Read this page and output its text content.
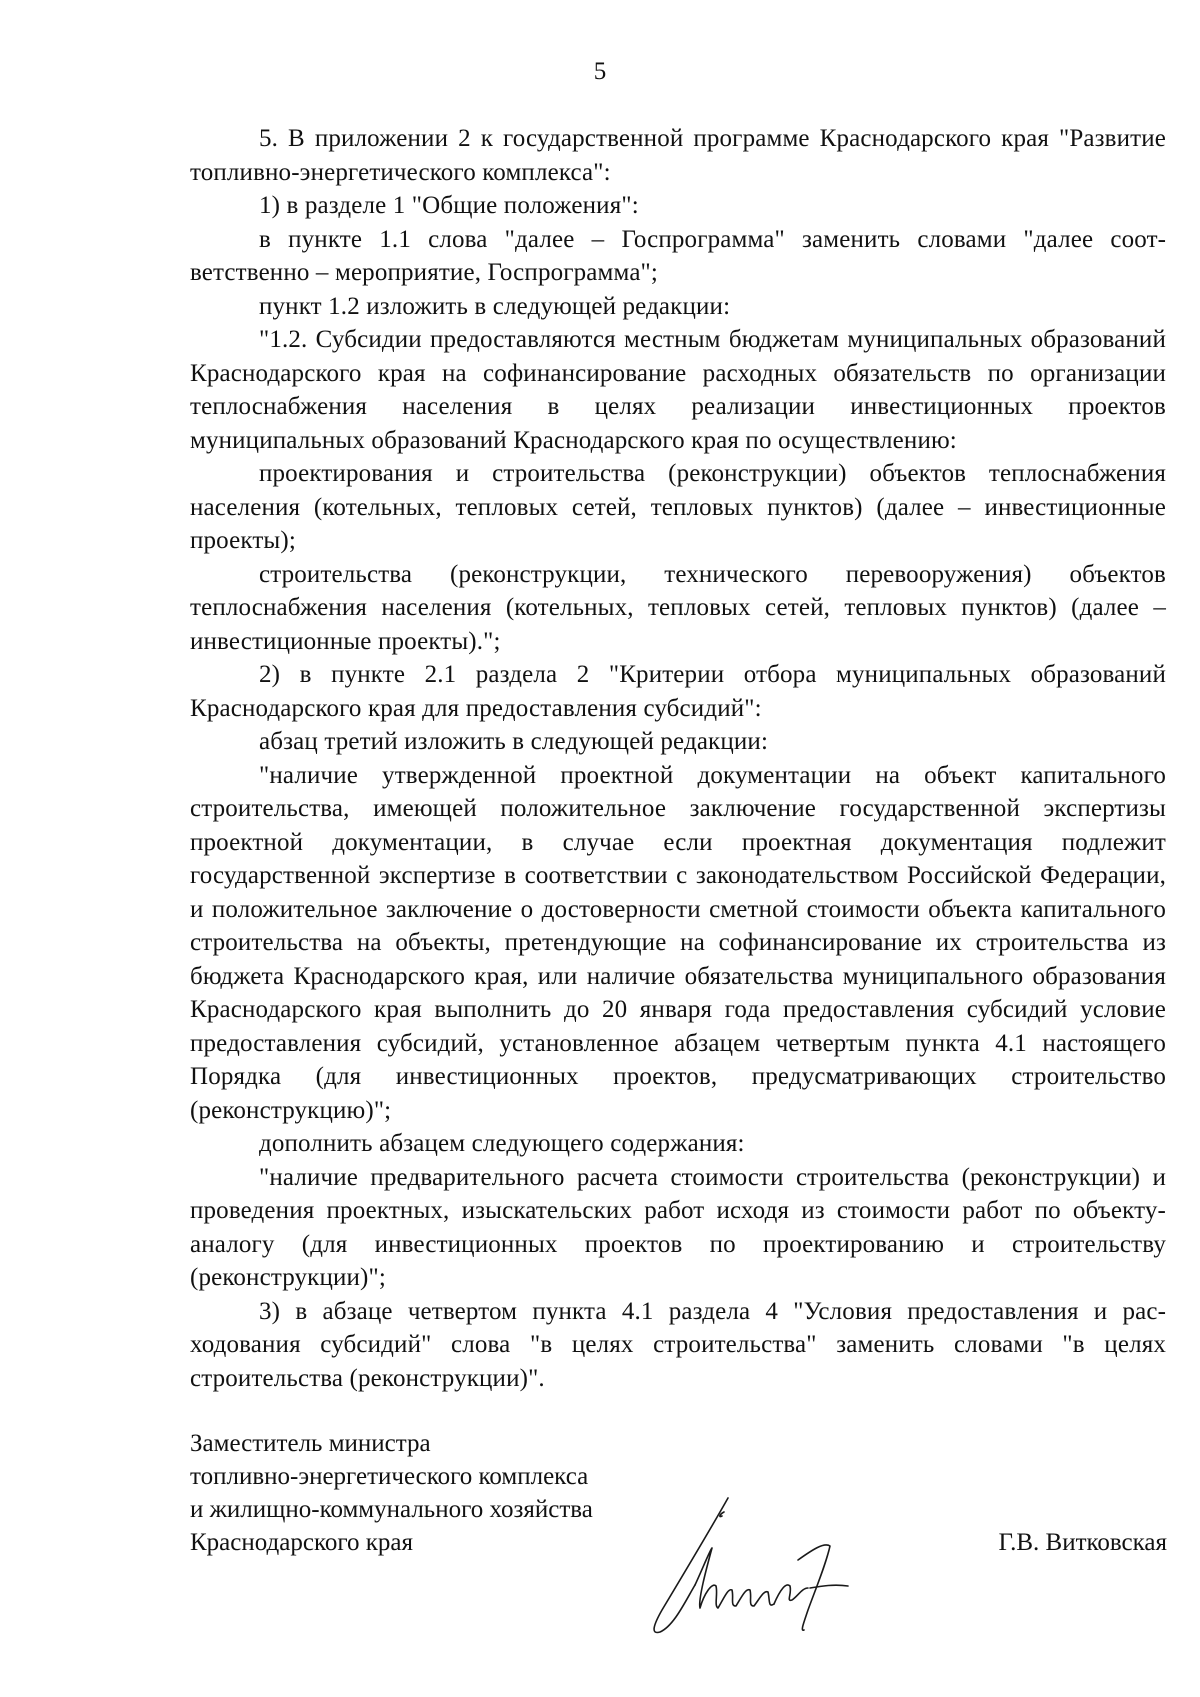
5

5. В приложении 2 к государственной программе Краснодарского края "Развитие топливно-энергетического комплекса":

1) в разделе 1 "Общие положения":

в пункте 1.1 слова "далее – Госпрограмма" заменить словами "далее соответственно – мероприятие, Госпрограмма";

пункт 1.2 изложить в следующей редакции:

"1.2. Субсидии предоставляются местным бюджетам муниципальных образований Краснодарского края на софинансирование расходных обязательств по организации теплоснабжения населения в целях реализации инвестиционных проектов муниципальных образований Краснодарского края по осуществлению:

проектирования и строительства (реконструкции) объектов теплоснабжения населения (котельных, тепловых сетей, тепловых пунктов) (далее – инвестиционные проекты);

строительства (реконструкции, технического перевооружения) объектов теплоснабжения населения (котельных, тепловых сетей, тепловых пунктов) (далее – инвестиционные проекты).";

2) в пункте 2.1 раздела 2 "Критерии отбора муниципальных образований Краснодарского края для предоставления субсидий":

абзац третий изложить в следующей редакции:

"наличие утвержденной проектной документации на объект капитального строительства, имеющей положительное заключение государственной экспертизы проектной документации, в случае если проектная документация подлежит государственной экспертизе в соответствии с законодательством Российской Федерации, и положительное заключение о достоверности сметной стоимости объекта капитального строительства на объекты, претендующие на софинансирование их строительства из бюджета Краснодарского края, или наличие обязательства муниципального образования Краснодарского края выполнить до 20 января года предоставления субсидий условие предоставления субсидий, установленное абзацем четвертым пункта 4.1 настоящего Порядка (для инвестиционных проектов, предусматривающих строительство (реконструкцию)";

дополнить абзацем следующего содержания:

"наличие предварительного расчета стоимости строительства (реконструкции) и проведения проектных, изыскательских работ исходя из стоимости работ по объекту-аналогу (для инвестиционных проектов по проектированию и строительству (реконструкции)";

3) в абзаце четвертом пункта 4.1 раздела 4 "Условия предоставления и расходования субсидий" слова "в целях строительства" заменить словами "в целях строительства (реконструкции)".

Заместитель министра
топливно-энергетического комплекса
и жилищно-коммунального хозяйства
Краснодарского края	Г.В. Витковская
